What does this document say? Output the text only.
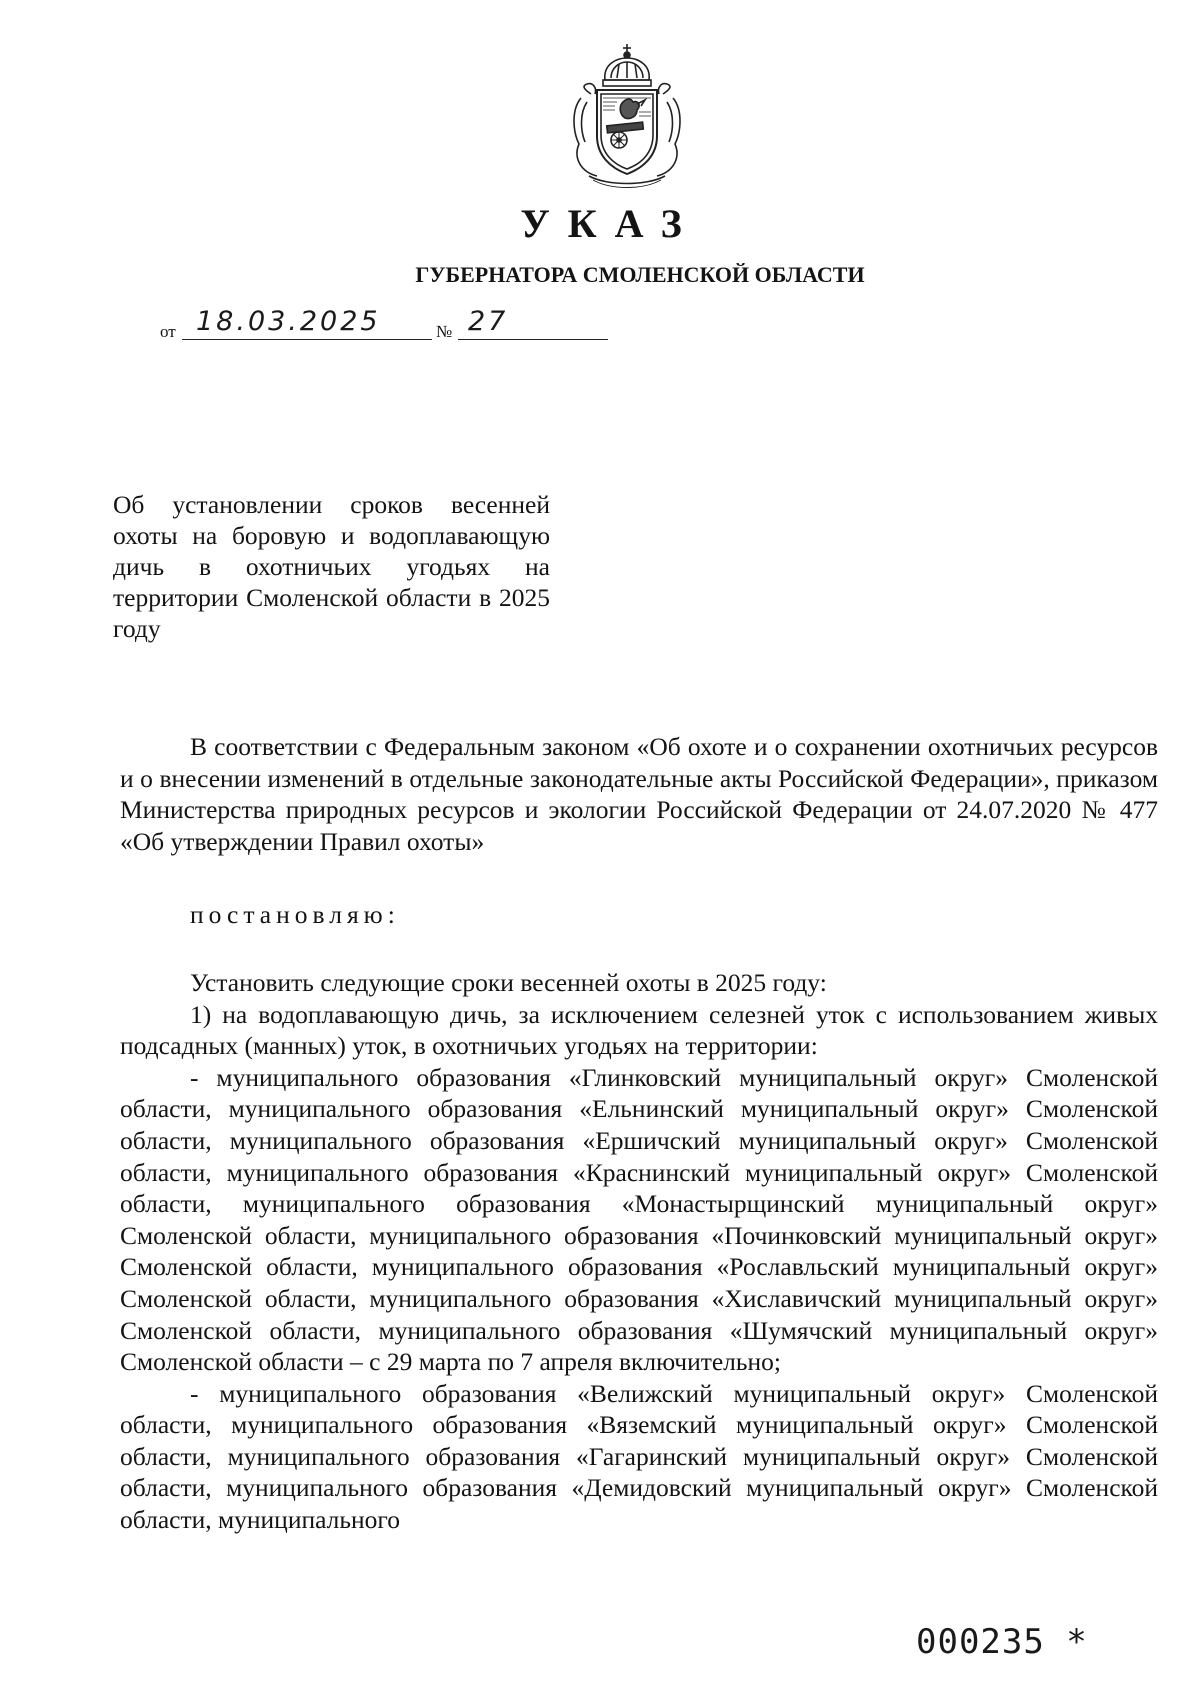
УКАЗ
ГУБЕРНАТОРА СМОЛЕНСКОЙ ОБЛАСТИ
от 18.03.2025	№ 27
Об установлении сроков весенней охоты на боровую и водоплавающую дичь в охотничьих угодьях на территории Смоленской области в 2025 году

В соответствии с Федеральным законом «Об охоте и о сохранении охотничьих ресурсов и о внесении изменений в отдельные законодательные акты Российской Федерации», приказом Министерства природных ресурсов и экологии Российской Федерации от 24.07.2020 № 477 «Об утверждении Правил охоты»

постановляю:

Установить следующие сроки весенней охоты в 2025 году:

1) на водоплавающую дичь, за исключением селезней уток с использованием живых подсадных (манных) уток, в охотничьих угодьях на территории:

- муниципального образования «Глинковский муниципальный округ» Смоленской области, муниципального образования «Ельнинский муниципальный округ» Смоленской области, муниципального образования «Ершичский муниципальный округ» Смоленской области, муниципального образования «Краснинский муниципальный округ» Смоленской области, муниципального образования «Монастырщинский муниципальный округ» Смоленской области, муниципального образования «Починковский муниципальный округ» Смоленской области, муниципального образования «Рославльский муниципальный округ» Смоленской области, муниципального образования «Хиславичский муниципальный округ» Смоленской области, муниципального образования «Шумячский муниципальный округ» Смоленской области – с 29 марта по 7 апреля включительно;

- муниципального образования «Велижский муниципальный округ» Смоленской области, муниципального образования «Вяземский муниципальный округ» Смоленской области, муниципального образования «Гагаринский муниципальный округ» Смоленской области, муниципального образования «Демидовский муниципальный округ» Смоленской области, муниципального

000235 *
